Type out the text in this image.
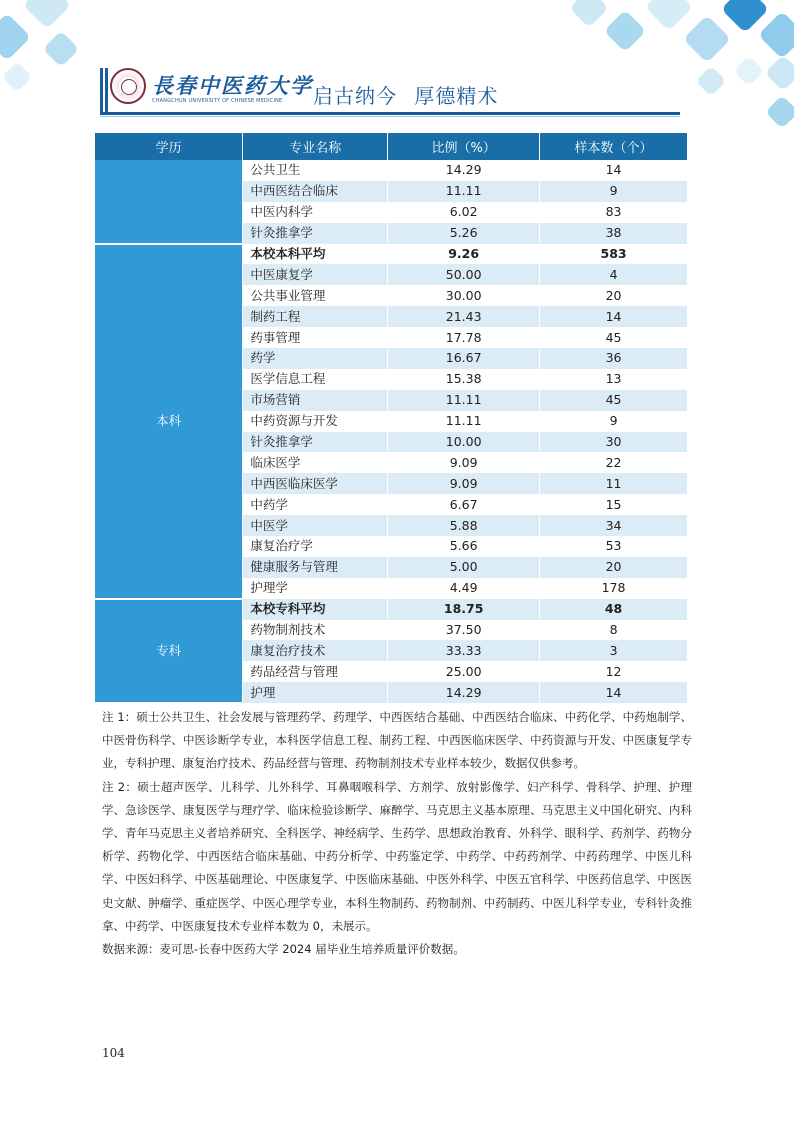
長春中医药大学
CHANGCHUN UNIVERSITY OF CHINESE MEDICINE 启古纳今 厚德精术
学历	专业名称	比例（%）	样本数（个）
	公共卫生	14.29	14
	中西医结合临床	11.11	9
	中医内科学	6.02	83
	针灸推拿学	5.26	38
本科	本校本科平均	9.26	583
	中医康复学	50.00	4
	公共事业管理	30.00	20
	制药工程	21.43	14
	药事管理	17.78	45
	药学	16.67	36
	医学信息工程	15.38	13
	市场营销	11.11	45
	中药资源与开发	11.11	9
	针灸推拿学	10.00	30
	临床医学	9.09	22
	中西医临床医学	9.09	11
	中药学	6.67	15
	中医学	5.88	34
	康复治疗学	5.66	53
	健康服务与管理	5.00	20
	护理学	4.49	178
专科	本校专科平均	18.75	48
	药物制剂技术	37.50	8
	康复治疗技术	33.33	3
	药品经营与管理	25.00	12
	护理	14.29	14

注 1：硕士公共卫生、社会发展与管理药学、药理学、中西医结合基础、中西医结合临床、中药化学、中药炮制学、中医骨伤科学、中医诊断学专业，本科医学信息工程、制药工程、中西医临床医学、中药资源与开发、中医康复学专业，专科护理、康复治疗技术、药品经营与管理、药物制剂技术专业样本较少，数据仅供参考。

注 2：硕士超声医学、儿科学、儿外科学、耳鼻咽喉科学、方剂学、放射影像学、妇产科学、骨科学、护理、护理学、急诊医学、康复医学与理疗学、临床检验诊断学、麻醉学、马克思主义基本原理、马克思主义中国化研究、内科学、青年马克思主义者培养研究、全科医学、神经病学、生药学、思想政治教育、外科学、眼科学、药剂学、药物分析学、药物化学、中西医结合临床基础、中药分析学、中药鉴定学、中药学、中药药剂学、中药药理学、中医儿科学、中医妇科学、中医基础理论、中医康复学、中医临床基础、中医外科学、中医五官科学、中医药信息学、中医医史文献、肿瘤学、重症医学、中医心理学专业，本科生物制药、药物制剂、中药制药、中医儿科学专业，专科针灸推拿、中药学、中医康复技术专业样本数为 0，未展示。

数据来源：麦可思-长春中医药大学 2024 届毕业生培养质量评价数据。

104
